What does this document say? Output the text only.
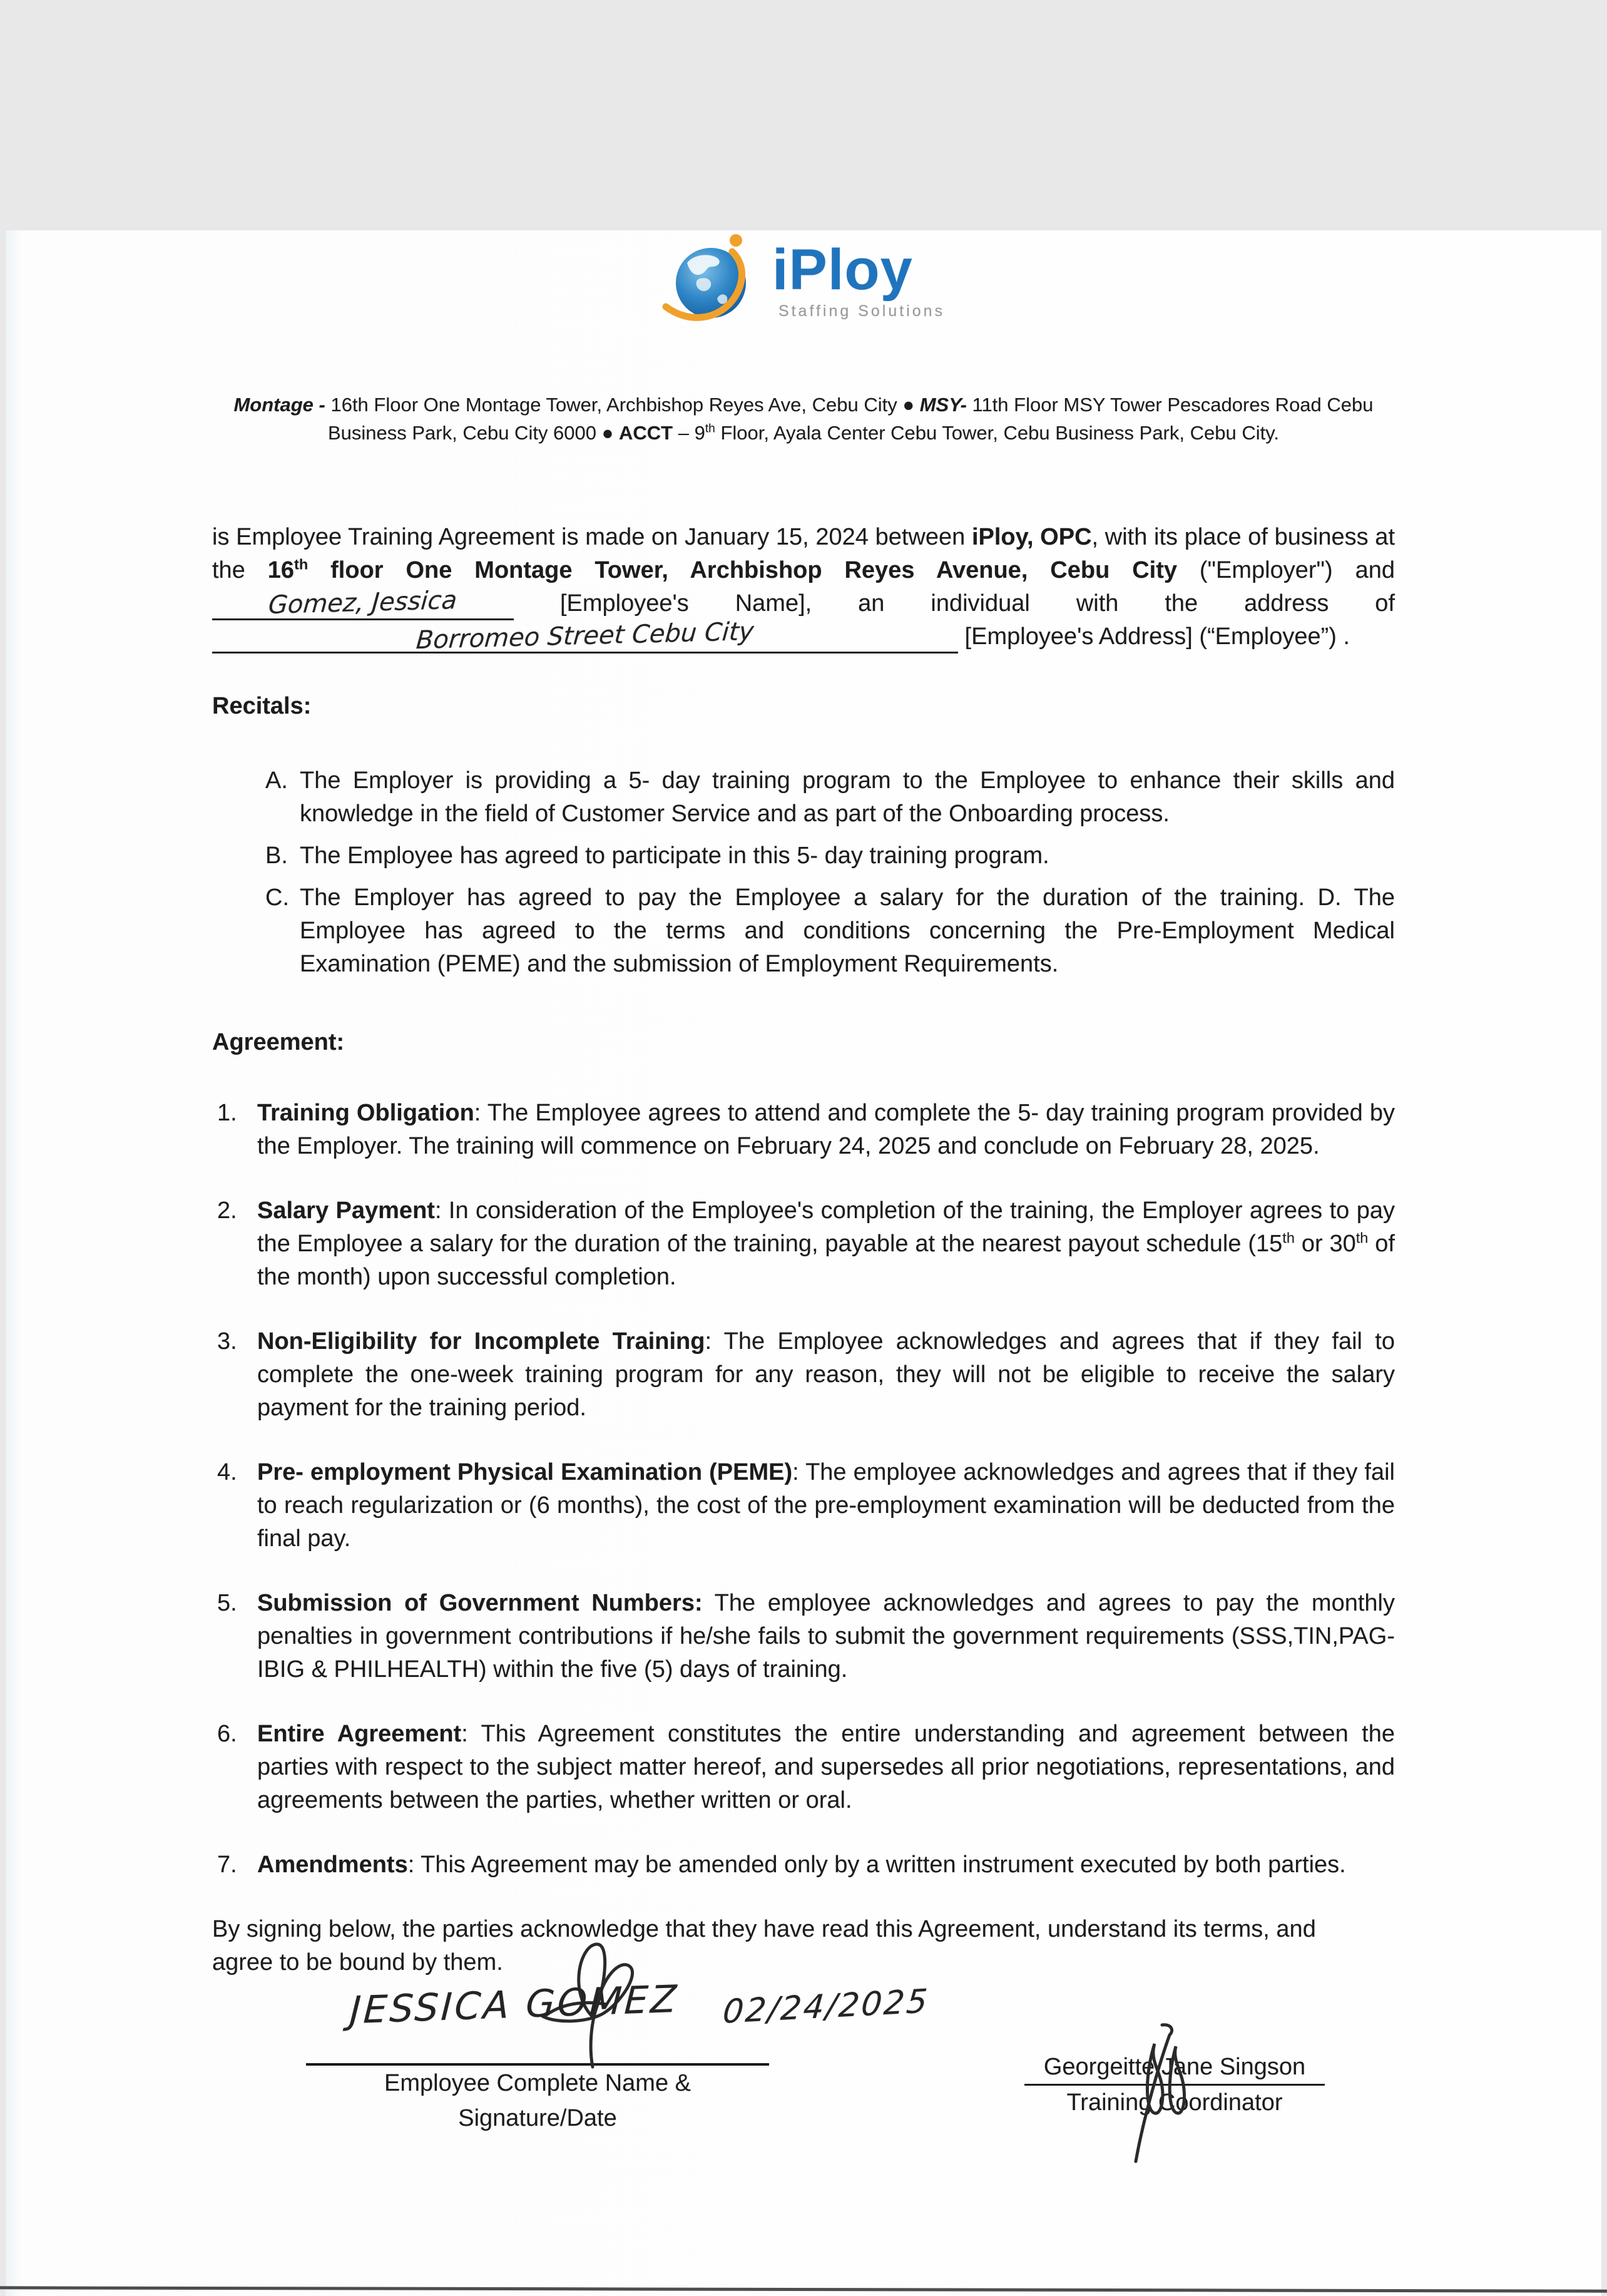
iPloy
Staffing Solutions

Montage - 16th Floor One Montage Tower, Archbishop Reyes Ave, Cebu City ● MSY- 11th Floor MSY Tower Pescadores Road Cebu Business Park, Cebu City 6000 ● ACCT – 9th Floor, Ayala Center Cebu Tower, Cebu Business Park, Cebu City.

is Employee Training Agreement is made on January 15, 2024 between iPloy, OPC, with its place of business at the 16th floor One Montage Tower, Archbishop Reyes Avenue, Cebu City ("Employer") and Gomez, Jessica [Employee's Name], an individual with the address of Borromeo Street Cebu City	[Employee's Address] (“Employee”) .

Recitals:

A. The Employer is providing a 5- day training program to the Employee to enhance their skills and knowledge in the field of Customer Service and as part of the Onboarding process.
B. The Employee has agreed to participate in this 5- day training program.
C. The Employer has agreed to pay the Employee a salary for the duration of the training. D. The Employee has agreed to the terms and conditions concerning the Pre-Employment Medical Examination (PEME) and the submission of Employment Requirements.

Agreement:

1. Training Obligation: The Employee agrees to attend and complete the 5- day training program provided by the Employer. The training will commence on February 24, 2025 and conclude on February 28, 2025.
2. Salary Payment: In consideration of the Employee's completion of the training, the Employer agrees to pay the Employee a salary for the duration of the training, payable at the nearest payout schedule (15th or 30th of the month) upon successful completion.
3. Non-Eligibility for Incomplete Training: The Employee acknowledges and agrees that if they fail to complete the one-week training program for any reason, they will not be eligible to receive the salary payment for the training period.
4. Pre- employment Physical Examination (PEME): The employee acknowledges and agrees that if they fail to reach regularization or (6 months), the cost of the pre-employment examination will be deducted from the final pay.
5. Submission of Government Numbers: The employee acknowledges and agrees to pay the monthly penalties in government contributions if he/she fails to submit the government requirements (SSS,TIN,PAG-IBIG & PHILHEALTH) within the five (5) days of training.
6. Entire Agreement: This Agreement constitutes the entire understanding and agreement between the parties with respect to the subject matter hereof, and supersedes all prior negotiations, representations, and agreements between the parties, whether written or oral.
7. Amendments: This Agreement may be amended only by a written instrument executed by both parties.

By signing below, the parties acknowledge that they have read this Agreement, understand its terms, and agree to be bound by them.

JESSICA GOMEZ 02/24/2025
Employee Complete Name & Signature/Date
Georgeitte Jane Singson
Training Coordinator
